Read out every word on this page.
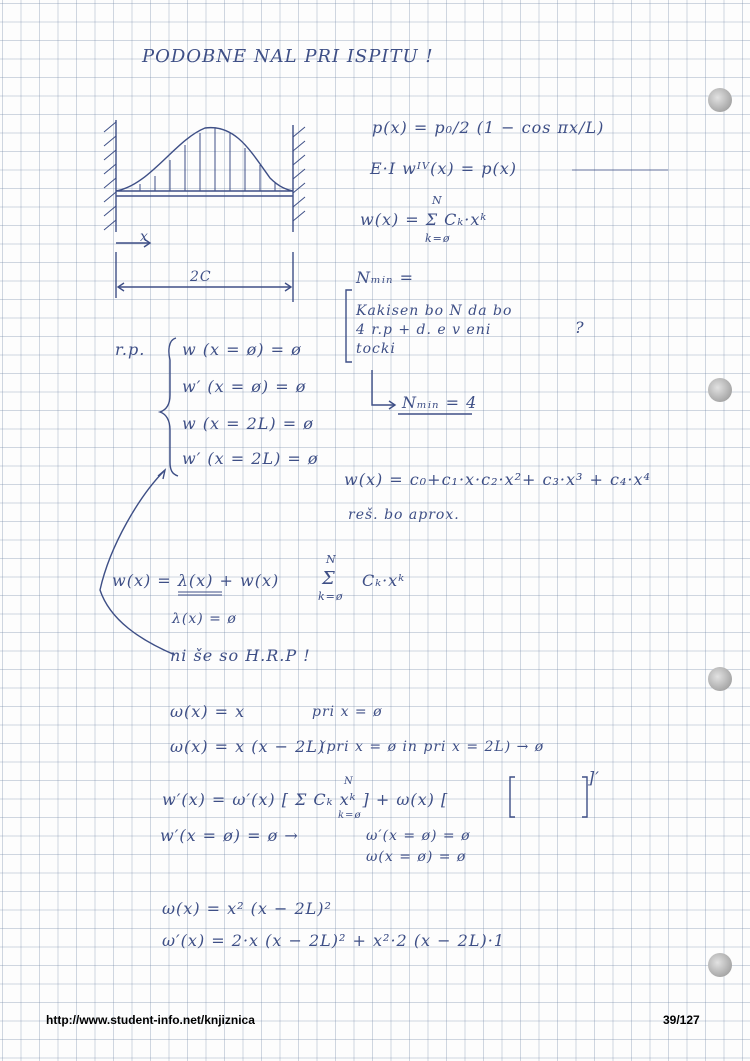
PODOBNE NAL PRI ISPITU !
x
2C
p(x) = p₀/2 (1 − cos πx/L)
E·I wᴵⱽ(x) = p(x)
w(x) = Σ Cₖ·xᵏ
N
k=ø
Nₘᵢₙ =
Kakisen bo N da bo
4 r.p + d. e v eni
tocki
?
Nₘᵢₙ = 4
w(x) = c₀+c₁·x·c₂·x²+ c₃·x³ + c₄·x⁴
reš. bo aprox.
r.p. w (x = ø) = ø
w′ (x = ø) = ø
w (x = 2L) = ø
w′ (x = 2L) = ø
w(x) = λ(x) + w(x) Σ
N
k=ø
Cₖ·xᵏ
λ(x) = ø
ni še so H.R.P !
ω(x) = x	pri x = ø
ω(x) = x (x − 2L)
(pri x = ø in pri x = 2L) → ø
w′(x) = ω′(x) [ Σ Cₖ xᵏ ] + ω(x) [
N
k=ø
]′
w′(x = ø) = ø →	ω′(x = ø) = ø
ω(x = ø) = ø
ω(x) = x² (x − 2L)²
ω′(x) = 2·x (x − 2L)² + x²·2 (x − 2L)·1
http://www.student-info.net/knjiznica	39/127
